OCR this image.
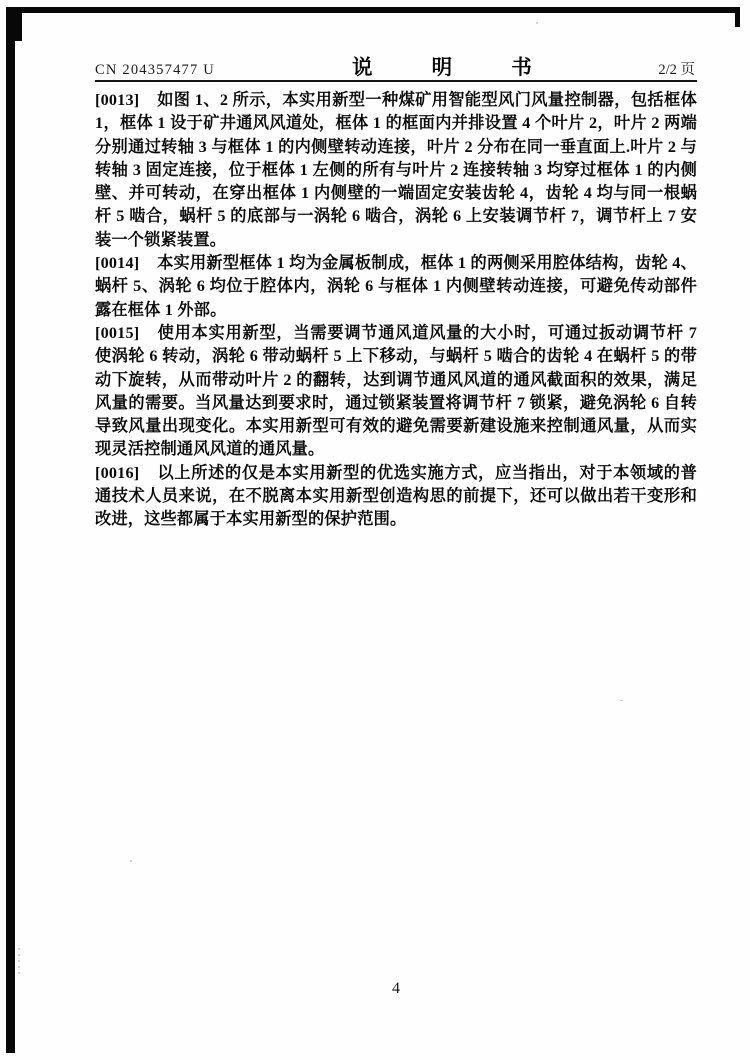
CN 204357477 U	说 明 书	2/2 页

[0013] 如图 1、2 所示，本实用新型一种煤矿用智能型风门风量控制器，包括框体 1，框体 1 设于矿井通风风道处，框体 1 的框面内并排设置 4 个叶片 2，叶片 2 两端分别通过转轴 3 与框体 1 的内侧壁转动连接，叶片 2 分布在同一垂直面上.叶片 2 与转轴 3 固定连接，位于框体 1 左侧的所有与叶片 2 连接转轴 3 均穿过框体 1 的内侧壁、并可转动，在穿出框体 1 内侧壁的一端固定安装齿轮 4，齿轮 4 均与同一根蜗杆 5 啮合，蜗杆 5 的底部与一涡轮 6 啮合，涡轮 6 上安装调节杆 7，调节杆上 7 安装一个锁紧装置。

[0014] 本实用新型框体 1 均为金属板制成，框体 1 的两侧采用腔体结构，齿轮 4、蜗杆 5、涡轮 6 均位于腔体内，涡轮 6 与框体 1 内侧壁转动连接，可避免传动部件露在框体 1 外部。

[0015] 使用本实用新型，当需要调节通风道风量的大小时，可通过扳动调节杆 7 使涡轮 6 转动，涡轮 6 带动蜗杆 5 上下移动，与蜗杆 5 啮合的齿轮 4 在蜗杆 5 的带动下旋转，从而带动叶片 2 的翻转，达到调节通风风道的通风截面积的效果，满足风量的需要。当风量达到要求时，通过锁紧装置将调节杆 7 锁紧，避免涡轮 6 自转导致风量出现变化。本实用新型可有效的避免需要新建设施来控制通风量，从而实现灵活控制通风风道的通风量。

[0016] 以上所述的仅是本实用新型的优选实施方式，应当指出，对于本领域的普通技术人员来说，在不脱离本实用新型创造构思的前提下，还可以做出若干变形和改进，这些都属于本实用新型的保护范围。

4
